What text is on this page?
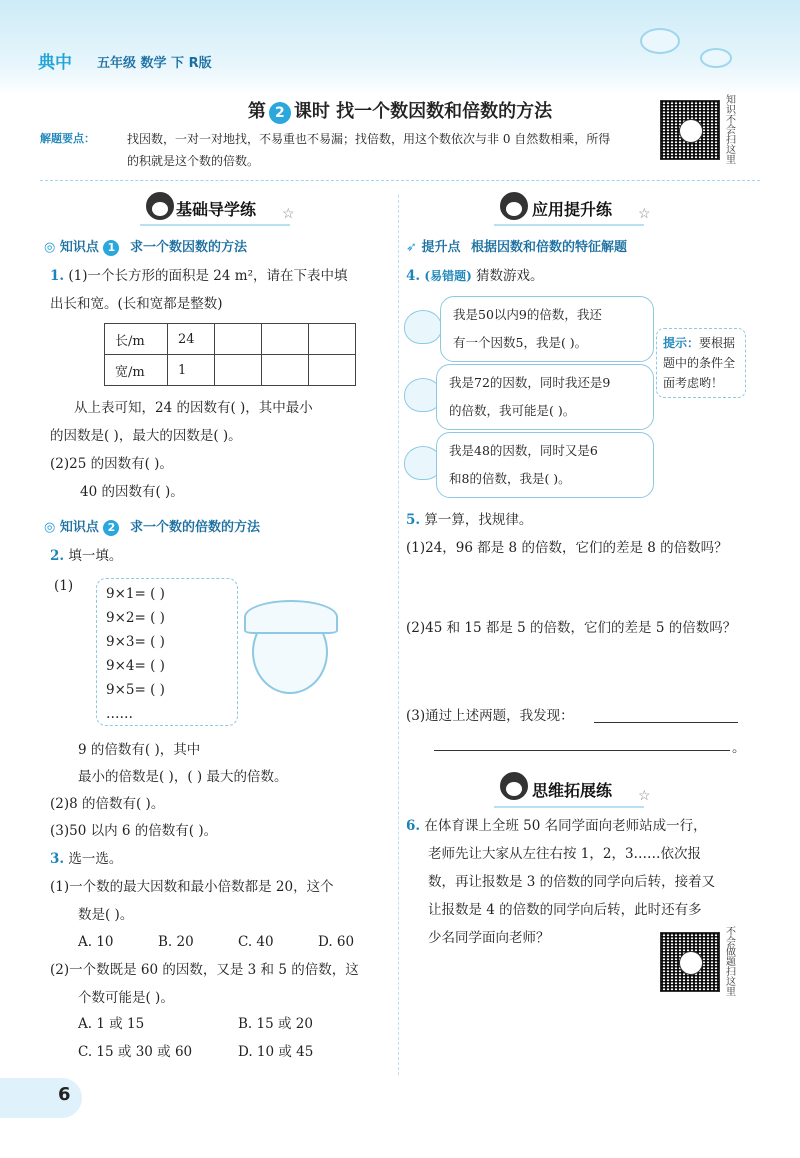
典中 五年级 数学 下 R版
第 2 课时 找一个数因数和倍数的方法
解题要点：	找因数，一对一对地找，不易重也不易漏；找倍数，用这个数依次与非 0 自然数相乘，所得
的积就是这个数的倍数。
知识不会扫这里
基础导学练 ☆
◎ 知识点 1 求一个数因数的方法
1. (1)一个长方形的面积是 24 m²，请在下表中填
出长和宽。(长和宽都是整数)
长/m	24			
宽/m	1			
从上表可知，24 的因数有( )，其中最小
的因数是( )，最大的因数是( )。
(2)25 的因数有( )。
40 的因数有( )。
◎ 知识点 2 求一个数的倍数的方法
2. 填一填。
(1) 9×1= ( )
9×2= ( )
9×3= ( )
9×4= ( )
9×5= ( )
……
9 的倍数有( )，其中
最小的倍数是( )，( ) 最大的倍数。
(2)8 的倍数有( )。
(3)50 以内 6 的倍数有( )。
3. 选一选。
(1)一个数的最大因数和最小倍数都是 20，这个
数是( )。
A. 10	B. 20	C. 40	D. 60
(2)一个数既是 60 的因数，又是 3 和 5 的倍数，这
个数可能是( )。
A. 1 或 15	B. 15 或 20
C. 15 或 30 或 60	D. 10 或 45
应用提升练 ☆
➶ 提升点 根据因数和倍数的特征解题
4. (易错题) 猜数游戏。
我是50以内9的倍数，我还
有一个因数5，我是( )。
我是72的因数，同时我还是9
的倍数，我可能是( )。
我是48的因数，同时又是6
和8的倍数，我是( )。
提示：要根据题中的条件全面考虑哟！
5. 算一算，找规律。
(1)24，96 都是 8 的倍数，它们的差是 8 的倍数吗？
(2)45 和 15 都是 5 的倍数，它们的差是 5 的倍数吗？
(3)通过上述两题，我发现：
。
思维拓展练 ☆
6. 在体育课上全班 50 名同学面向老师站成一行，
老师先让大家从左往右按 1，2，3……依次报
数，再让报数是 3 的倍数的同学向后转，接着又
让报数是 4 的倍数的同学向后转，此时还有多
少名同学面向老师？	不会做题扫这里
6
